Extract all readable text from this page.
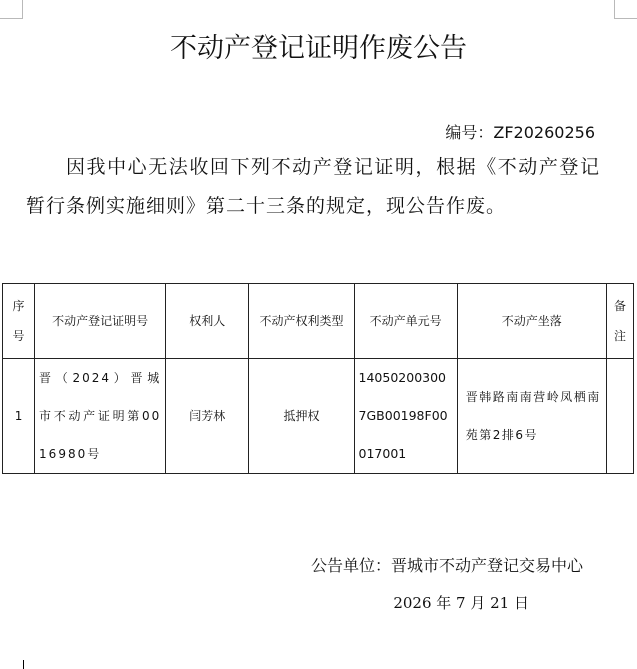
不动产登记证明作废公告
编号：ZF20260256
因我中心无法收回下列不动产登记证明，根据《不动产登记暂行条例实施细则》第二十三条的规定，现公告作废。
序号	不动产登记证明号	权利人	不动产权利类型	不动产单元号	不动产坐落	备注
1	晋（2024）晋城市不动产证明第0016980号	闫芳林	抵押权	140502003007GB00198F00017001	晋韩路南南营岭凤栖南苑第2排6号	
公告单位：晋城市不动产登记交易中心
2026 年 7 月 21 日
